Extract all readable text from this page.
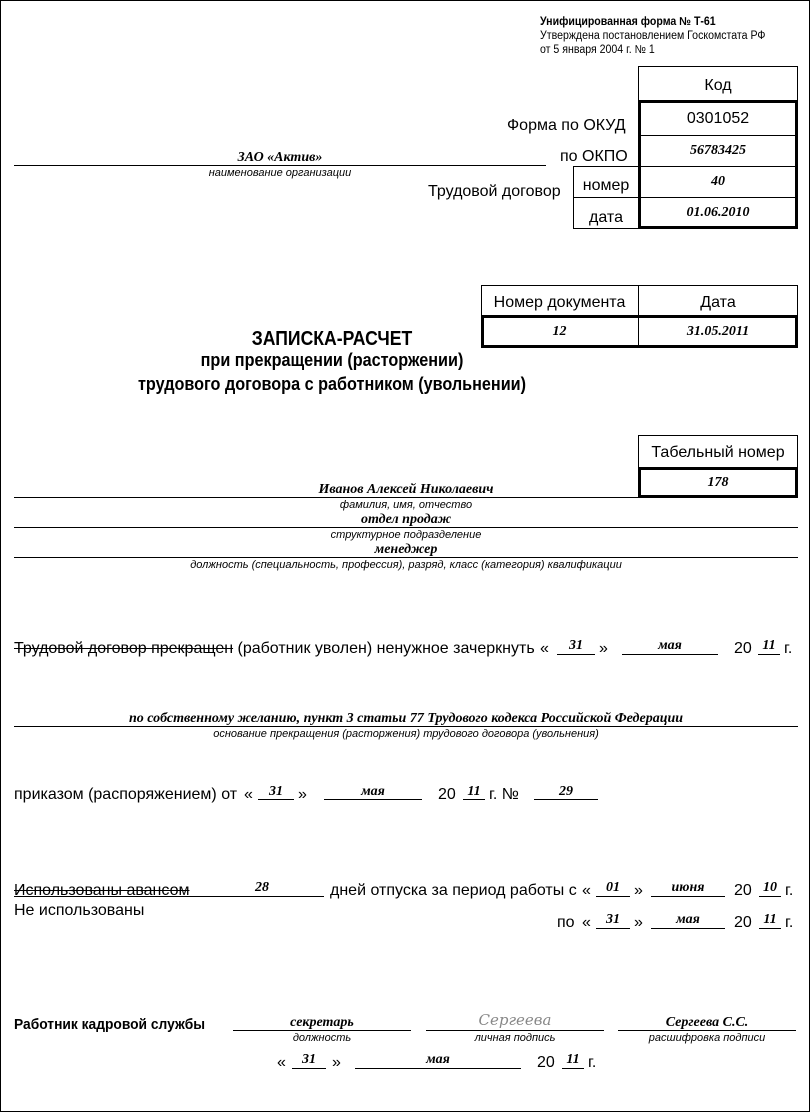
Унифицированная форма № Т-61
Утверждена постановлением Госкомстата РФ
от 5 января 2004 г. № 1
Код
Форма по ОКУД	0301052
по ОКПО	56783425
Трудовой договор	номер	40
дата	01.06.2010
ЗАО «Актив»
наименование организации
Номер документа	Дата
12	31.05.2011
ЗАПИСКА-РАСЧЕТ
при прекращении (расторжении)
трудового договора с работником (увольнении)
Табельный номер
178
Иванов Алексей Николаевич
фамилия, имя, отчество
отдел продаж
структурное подразделение
менеджер
должность (специальность, профессия), разряд, класс (категория) квалификации
Трудовой договор прекращен (работник уволен) ненужное зачеркнуть «	31	»	мая	20 11 г.
по собственному желанию, пункт 3 статьи 77 Трудового кодекса Российской Федерации
основание прекращения (расторжения) трудового договора (увольнения)
приказом (распоряжением) от «	31 »	мая	20 11 г. №	29
Использованы авансом
Не использованы
28	дней отпуска за период работы с «	01 »	июня	20 10 г.
по «	31 »	мая	20 11 г.
Работник кадровой службы	секретарь
должность
Сергеева
личная подпись
Сергеева С.С.
расшифровка подписи
«	31	»	мая	20 11 г.
